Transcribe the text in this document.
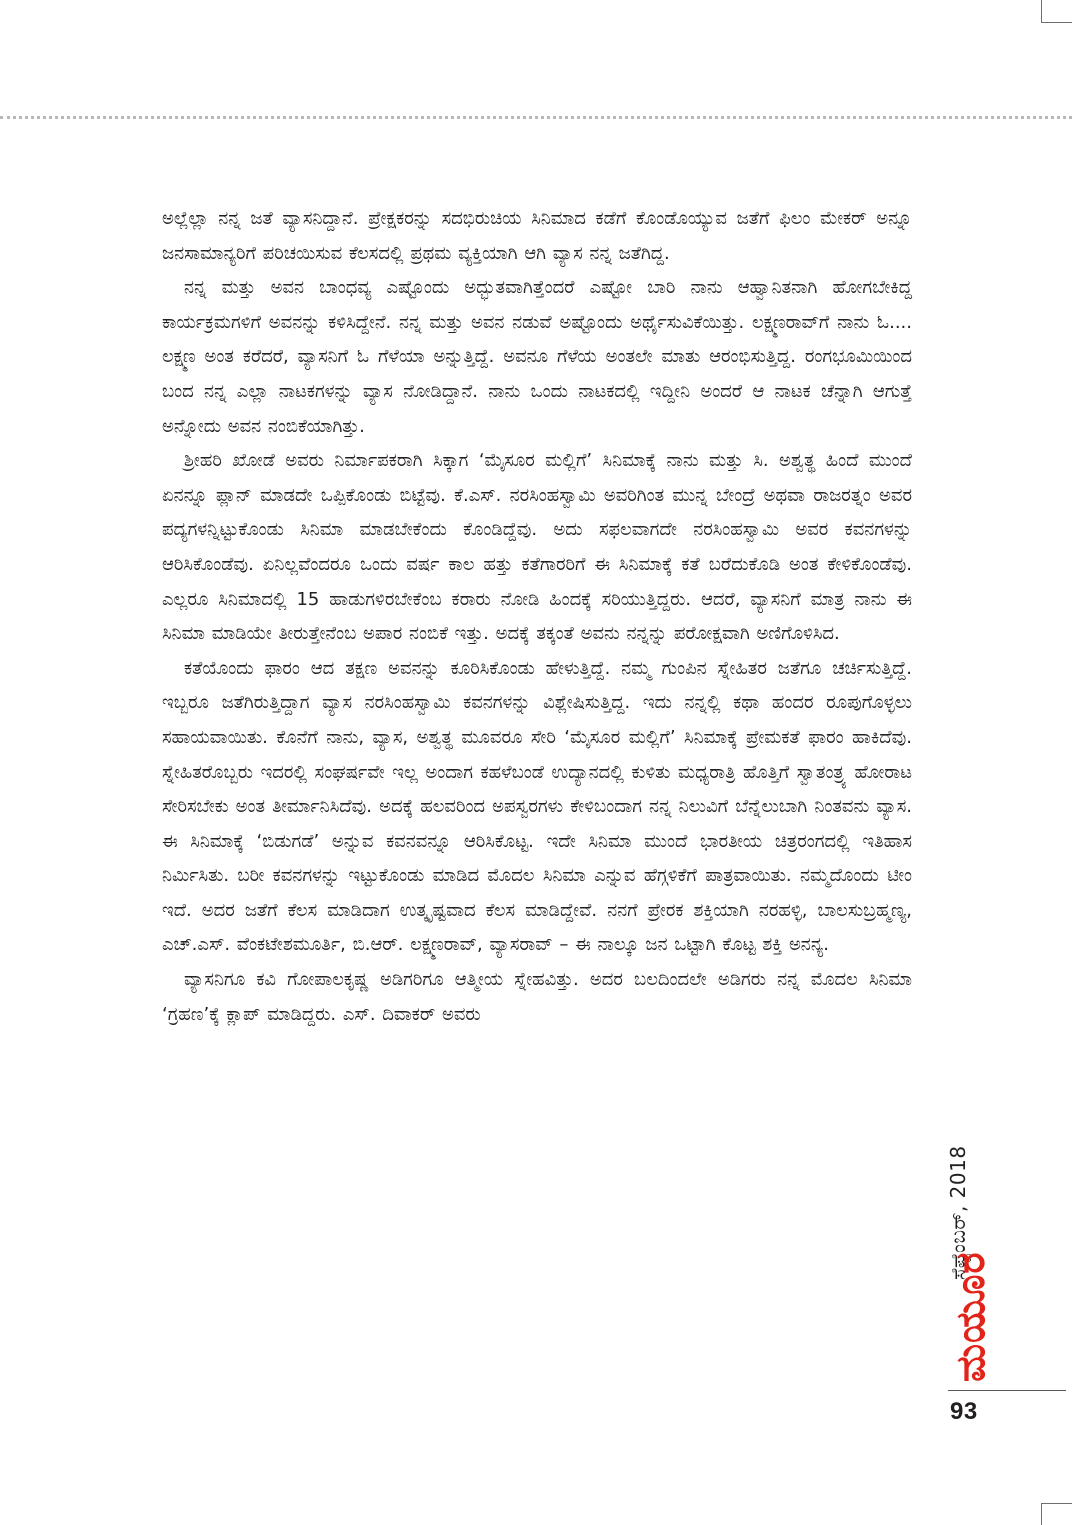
ಅಲ್ಲೆಲ್ಲಾ ನನ್ನ ಜತೆ ವ್ಯಾಸನಿದ್ದಾನೆ. ಪ್ರೇಕ್ಷಕರನ್ನು ಸದಭಿರುಚಿಯ ಸಿನಿಮಾದ ಕಡೆಗೆ ಕೊಂಡೊಯ್ಯುವ ಜತೆಗೆ ಫಿಲಂ ಮೇಕರ್ ಅನ್ನೂ ಜನಸಾಮಾನ್ಯರಿಗೆ ಪರಿಚಯಿಸುವ ಕೆಲಸದಲ್ಲಿ ಪ್ರಥಮ ವ್ಯಕ್ತಿಯಾಗಿ ಆಗಿ ವ್ಯಾಸ ನನ್ನ ಜತೆಗಿದ್ದ.

ನನ್ನ ಮತ್ತು ಅವನ ಬಾಂಧವ್ಯ ಎಷ್ಟೊಂದು ಅದ್ಭುತವಾಗಿತ್ತೆಂದರೆ ಎಷ್ಟೋ ಬಾರಿ ನಾನು ಆಹ್ವಾನಿತನಾಗಿ ಹೋಗಬೇಕಿದ್ದ ಕಾರ್ಯಕ್ರಮಗಳಿಗೆ ಅವನನ್ನು ಕಳಿಸಿದ್ದೇನೆ. ನನ್ನ ಮತ್ತು ಅವನ ನಡುವೆ ಅಷ್ಟೊಂದು ಅರ್ಥೈಸುವಿಕೆಯಿತ್ತು. ಲಕ್ಷ್ಮಣರಾವ್‌ಗೆ ನಾನು ಓ.... ಲಕ್ಷ್ಮಣ ಅಂತ ಕರೆದರೆ, ವ್ಯಾಸನಿಗೆ ಓ ಗೆಳೆಯಾ ಅನ್ನುತ್ತಿದ್ದೆ. ಅವನೂ ಗೆಳೆಯ ಅಂತಲೇ ಮಾತು ಆರಂಭಿಸುತ್ತಿದ್ದ. ರಂಗಭೂಮಿಯಿಂದ ಬಂದ ನನ್ನ ಎಲ್ಲಾ ನಾಟಕಗಳನ್ನು ವ್ಯಾಸ ನೋಡಿದ್ದಾನೆ. ನಾನು ಒಂದು ನಾಟಕದಲ್ಲಿ ಇದ್ದೀನಿ ಅಂದರೆ ಆ ನಾಟಕ ಚೆನ್ನಾಗಿ ಆಗುತ್ತೆ ಅನ್ನೋದು ಅವನ ನಂಬಿಕೆಯಾಗಿತ್ತು.

ಶ್ರೀಹರಿ ಖೋಡೆ ಅವರು ನಿರ್ಮಾಪಕರಾಗಿ ಸಿಕ್ಕಾಗ ‘ಮೈಸೂರ ಮಲ್ಲಿಗೆ’ ಸಿನಿಮಾಕ್ಕೆ ನಾನು ಮತ್ತು ಸಿ. ಅಶ್ವತ್ಥ ಹಿಂದೆ ಮುಂದೆ ಏನನ್ನೂ ಪ್ಲಾನ್ ಮಾಡದೇ ಒಪ್ಪಿಕೊಂಡು ಬಿಟ್ಟೆವು. ಕೆ.ಎಸ್. ನರಸಿಂಹಸ್ವಾಮಿ ಅವರಿಗಿಂತ ಮುನ್ನ ಬೇಂದ್ರೆ ಅಥವಾ ರಾಜರತ್ನಂ ಅವರ ಪದ್ಯಗಳನ್ನಿಟ್ಟುಕೊಂಡು ಸಿನಿಮಾ ಮಾಡಬೇಕೆಂದು ಕೊಂಡಿದ್ದೆವು. ಅದು ಸಫಲವಾಗದೇ ನರಸಿಂಹಸ್ವಾಮಿ ಅವರ ಕವನಗಳನ್ನು ಆರಿಸಿಕೊಂಡೆವು. ಏನಿಲ್ಲವೆಂದರೂ ಒಂದು ವರ್ಷ ಕಾಲ ಹತ್ತು ಕತೆಗಾರರಿಗೆ ಈ ಸಿನಿಮಾಕ್ಕೆ ಕತೆ ಬರೆದುಕೊಡಿ ಅಂತ ಕೇಳಿಕೊಂಡೆವು. ಎಲ್ಲರೂ ಸಿನಿಮಾದಲ್ಲಿ 15 ಹಾಡುಗಳಿರಬೇಕೆಂಬ ಕರಾರು ನೋಡಿ ಹಿಂದಕ್ಕೆ ಸರಿಯುತ್ತಿದ್ದರು. ಆದರೆ, ವ್ಯಾಸನಿಗೆ ಮಾತ್ರ ನಾನು ಈ ಸಿನಿಮಾ ಮಾಡಿಯೇ ತೀರುತ್ತೇನೆಂಬ ಅಪಾರ ನಂಬಿಕೆ ಇತ್ತು. ಅದಕ್ಕೆ ತಕ್ಕಂತೆ ಅವನು ನನ್ನನ್ನು ಪರೋಕ್ಷವಾಗಿ ಅಣಿಗೊಳಿಸಿದ.

ಕತೆಯೊಂದು ಫಾರಂ ಆದ ತಕ್ಷಣ ಅವನನ್ನು ಕೂರಿಸಿಕೊಂಡು ಹೇಳುತ್ತಿದ್ದೆ. ನಮ್ಮ ಗುಂಪಿನ ಸ್ನೇಹಿತರ ಜತೆಗೂ ಚರ್ಚಿಸುತ್ತಿದ್ದೆ. ಇಬ್ಬರೂ ಜತೆಗಿರುತ್ತಿದ್ದಾಗ ವ್ಯಾಸ ನರಸಿಂಹಸ್ವಾಮಿ ಕವನಗಳನ್ನು ವಿಶ್ಲೇಷಿಸುತ್ತಿದ್ದ. ಇದು ನನ್ನಲ್ಲಿ ಕಥಾ ಹಂದರ ರೂಪುಗೊಳ್ಳಲು ಸಹಾಯವಾಯಿತು. ಕೊನೆಗೆ ನಾನು, ವ್ಯಾಸ, ಅಶ್ವತ್ಥ ಮೂವರೂ ಸೇರಿ ‘ಮೈಸೂರ ಮಲ್ಲಿಗೆ’ ಸಿನಿಮಾಕ್ಕೆ ಪ್ರೇಮಕತೆ ಫಾರಂ ಹಾಕಿದೆವು. ಸ್ನೇಹಿತರೊಬ್ಬರು ಇದರಲ್ಲಿ ಸಂಘರ್ಷವೇ ಇಲ್ಲ ಅಂದಾಗ ಕಹಳೆಬಂಡೆ ಉದ್ಯಾನದಲ್ಲಿ ಕುಳಿತು ಮಧ್ಯರಾತ್ರಿ ಹೊತ್ತಿಗೆ ಸ್ವಾತಂತ್ರ್ಯ ಹೋರಾಟ ಸೇರಿಸಬೇಕು ಅಂತ ತೀರ್ಮಾನಿಸಿದೆವು. ಅದಕ್ಕೆ ಹಲವರಿಂದ ಅಪಸ್ವರಗಳು ಕೇಳಿಬಂದಾಗ ನನ್ನ ನಿಲುವಿಗೆ ಬೆನ್ನೆಲುಬಾಗಿ ನಿಂತವನು ವ್ಯಾಸ. ಈ ಸಿನಿಮಾಕ್ಕೆ ‘ಬಿಡುಗಡೆ’ ಅನ್ನುವ ಕವನವನ್ನೂ ಆರಿಸಿಕೊಟ್ಟ. ಇದೇ ಸಿನಿಮಾ ಮುಂದೆ ಭಾರತೀಯ ಚಿತ್ರರಂಗದಲ್ಲಿ ಇತಿಹಾಸ ನಿರ್ಮಿಸಿತು. ಬರೀ ಕವನಗಳನ್ನು ಇಟ್ಟುಕೊಂಡು ಮಾಡಿದ ಮೊದಲ ಸಿನಿಮಾ ಎನ್ನುವ ಹೆಗ್ಗಳಿಕೆಗೆ ಪಾತ್ರವಾಯಿತು. ನಮ್ಮದೊಂದು ಟೀಂ ಇದೆ. ಅದರ ಜತೆಗೆ ಕೆಲಸ ಮಾಡಿದಾಗ ಉತ್ಕೃಷ್ಟವಾದ ಕೆಲಸ ಮಾಡಿದ್ದೇವೆ. ನನಗೆ ಪ್ರೇರಕ ಶಕ್ತಿಯಾಗಿ ನರಹಳ್ಳಿ, ಬಾಲಸುಬ್ರಹ್ಮಣ್ಯ, ಎಚ್.ಎಸ್. ವೆಂಕಟೇಶಮೂರ್ತಿ, ಬಿ.ಆರ್. ಲಕ್ಷ್ಮಣರಾವ್, ವ್ಯಾಸರಾವ್ – ಈ ನಾಲ್ಕೂ ಜನ ಒಟ್ಟಾಗಿ ಕೊಟ್ಟ ಶಕ್ತಿ ಅನನ್ಯ.

ವ್ಯಾಸನಿಗೂ ಕವಿ ಗೋಪಾಲಕೃಷ್ಣ ಅಡಿಗರಿಗೂ ಆತ್ಮೀಯ ಸ್ನೇಹವಿತ್ತು. ಅದರ ಬಲದಿಂದಲೇ ಅಡಿಗರು ನನ್ನ ಮೊದಲ ಸಿನಿಮಾ ‘ಗ್ರಹಣ’ಕ್ಕೆ ಕ್ಲಾಪ್ ಮಾಡಿದ್ದರು. ಎಸ್. ದಿವಾಕರ್ ಅವರು

ಸೆಪ್ಟೆಂಬರ್, 2018
ಮಯೂರ
93
